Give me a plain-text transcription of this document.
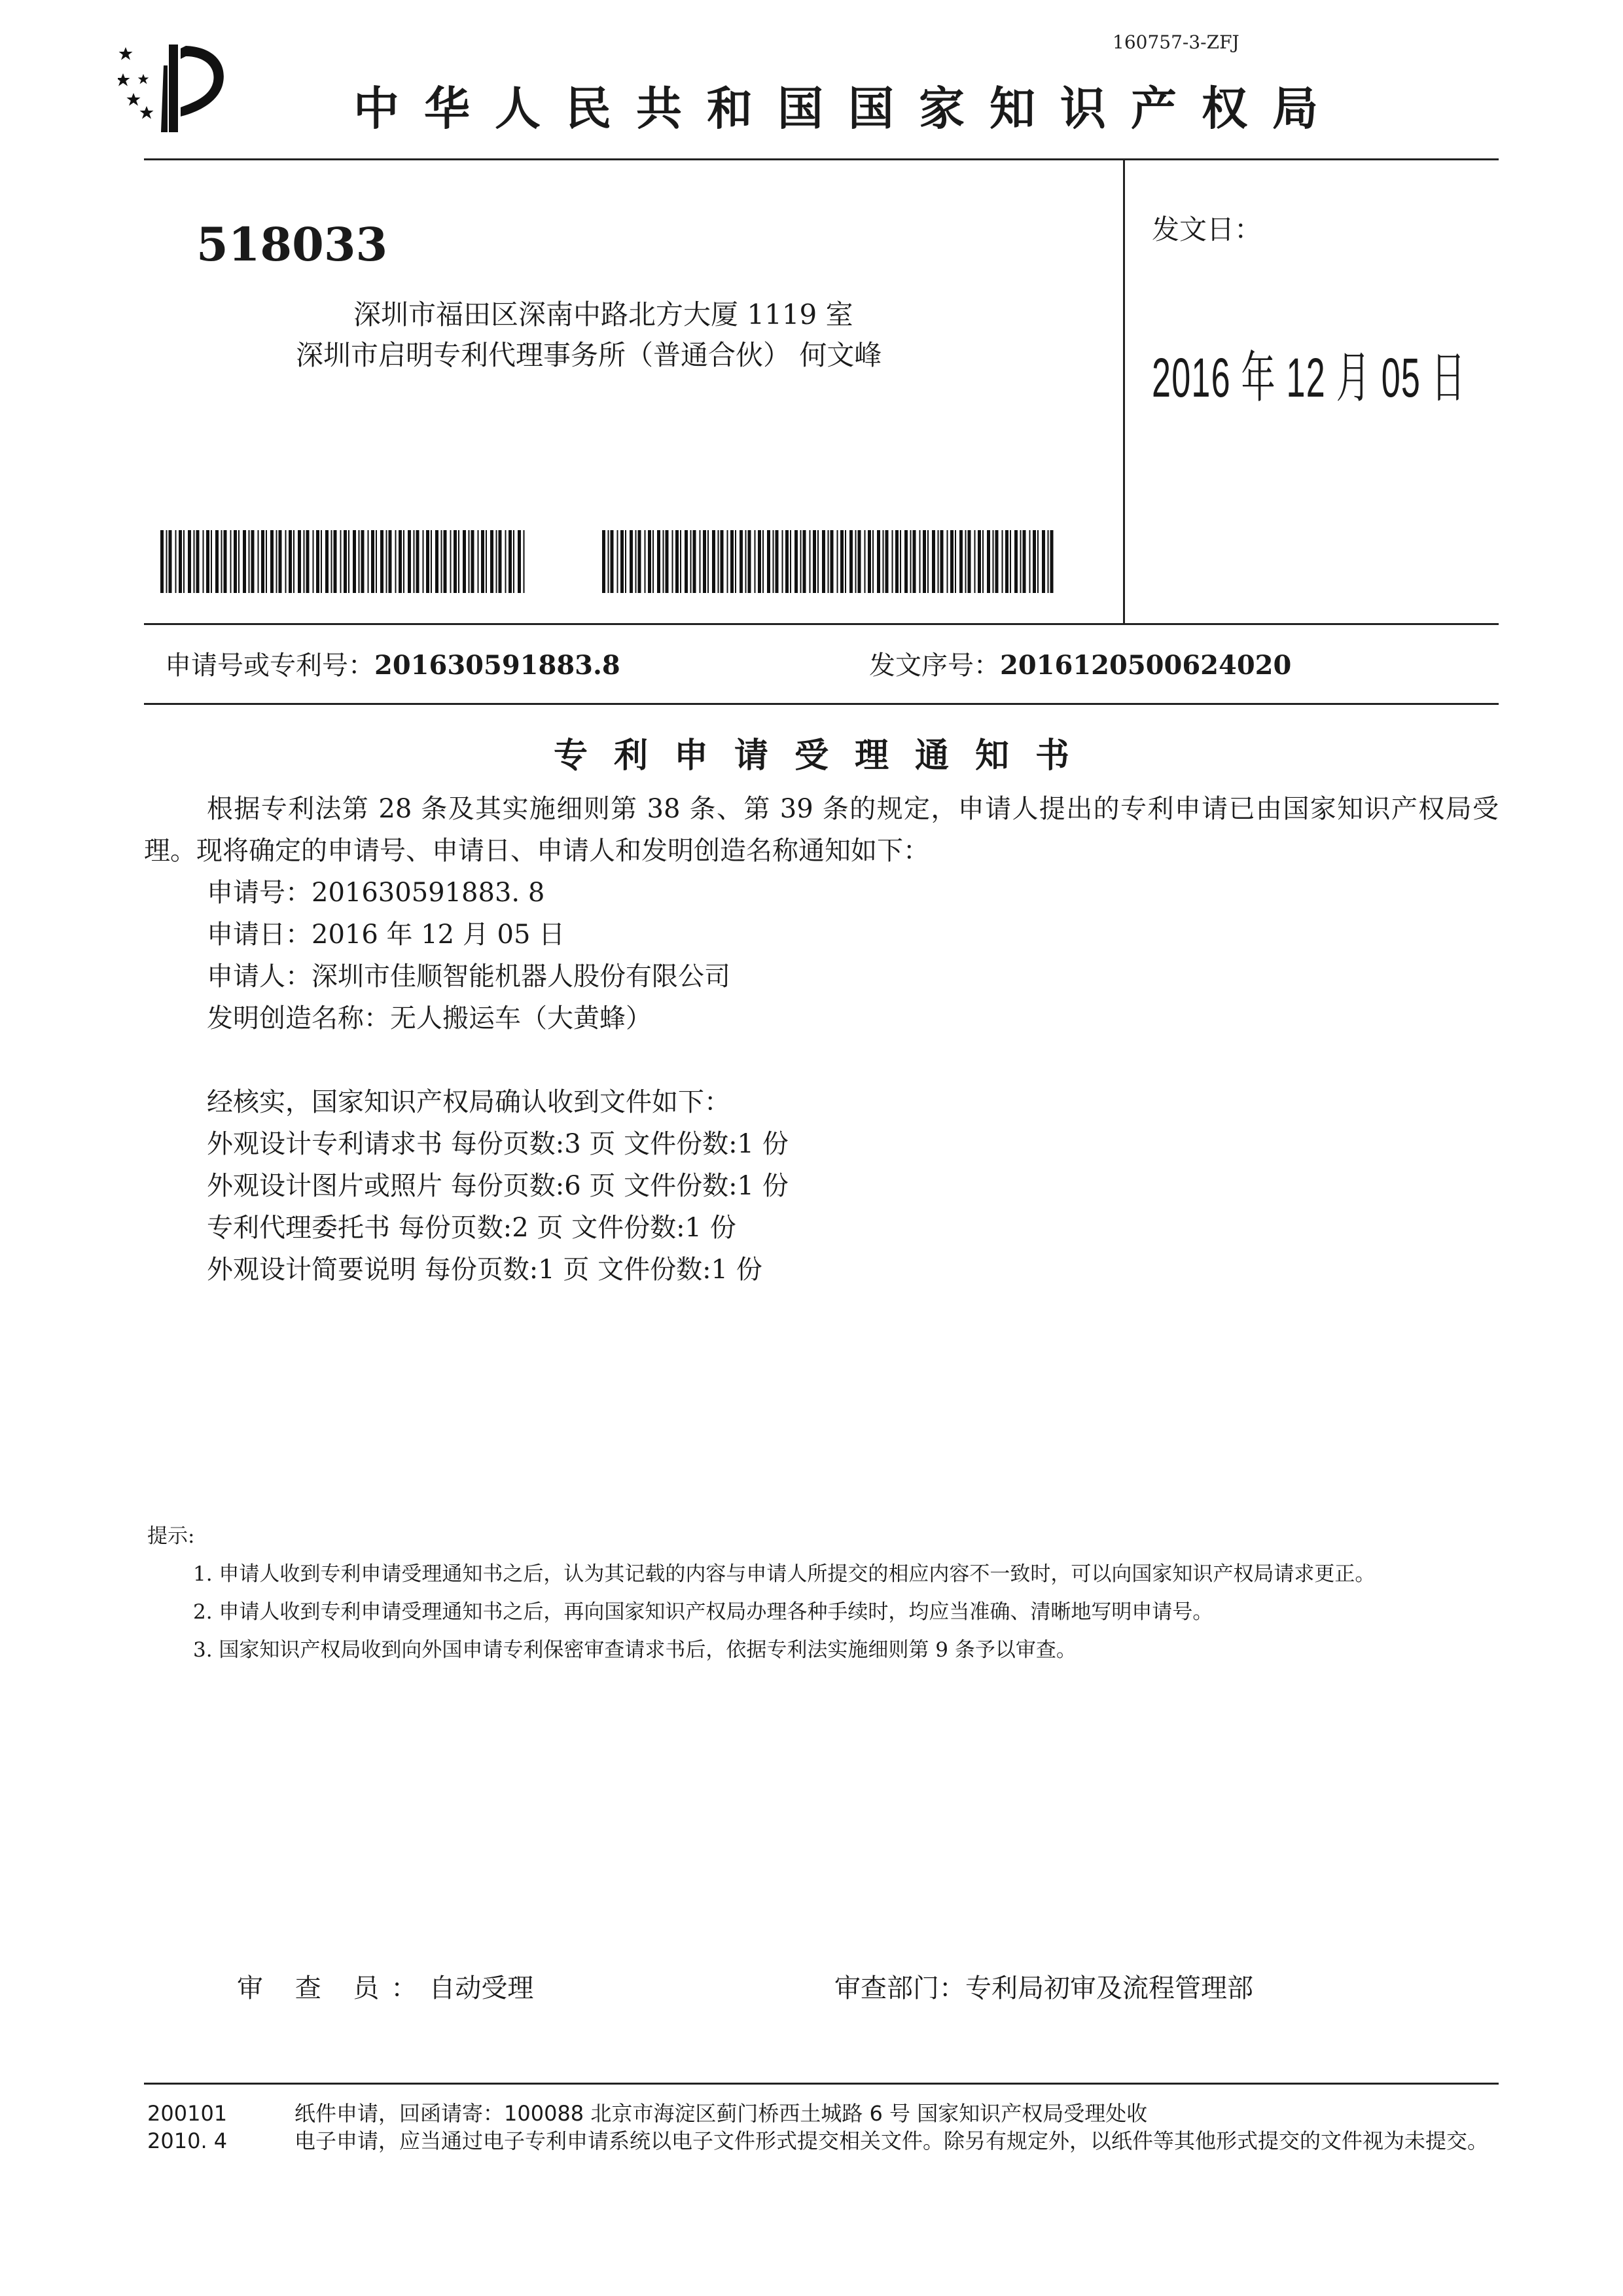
160757-3-ZFJ
中华人民共和国国家知识产权局
518033
深圳市福田区深南中路北方大厦 1119 室
深圳市启明专利代理事务所（普通合伙） 何文峰
发文日：
2016 年 12 月 05 日
申请号或专利号：201630591883.8	发文序号：2016120500624020
专利申请受理通知书

根据专利法第 28 条及其实施细则第 38 条、第 39 条的规定，申请人提出的专利申请已由国家知识产权局受理。现将确定的申请号、申请日、申请人和发明创造名称通知如下：

申请号：201630591883. 8

申请日：2016 年 12 月 05 日

申请人：深圳市佳顺智能机器人股份有限公司

发明创造名称：无人搬运车（大黄蜂）

经核实，国家知识产权局确认收到文件如下：

外观设计专利请求书 每份页数:3 页 文件份数:1 份

外观设计图片或照片 每份页数:6 页 文件份数:1 份

专利代理委托书 每份页数:2 页 文件份数:1 份

外观设计简要说明 每份页数:1 页 文件份数:1 份

提示:

1. 申请人收到专利申请受理通知书之后，认为其记载的内容与申请人所提交的相应内容不一致时，可以向国家知识产权局请求更正。

2. 申请人收到专利申请受理通知书之后，再向国家知识产权局办理各种手续时，均应当准确、清晰地写明申请号。

3. 国家知识产权局收到向外国申请专利保密审查请求书后，依据专利法实施细则第 9 条予以审查。

审 查 员：自动受理	审查部门：专利局初审及流程管理部
200101	纸件申请，回函请寄：100088 北京市海淀区蓟门桥西土城路 6 号 国家知识产权局受理处收
2010. 4	电子申请，应当通过电子专利申请系统以电子文件形式提交相关文件。除另有规定外，以纸件等其他形式提交的文件视为未提交。
